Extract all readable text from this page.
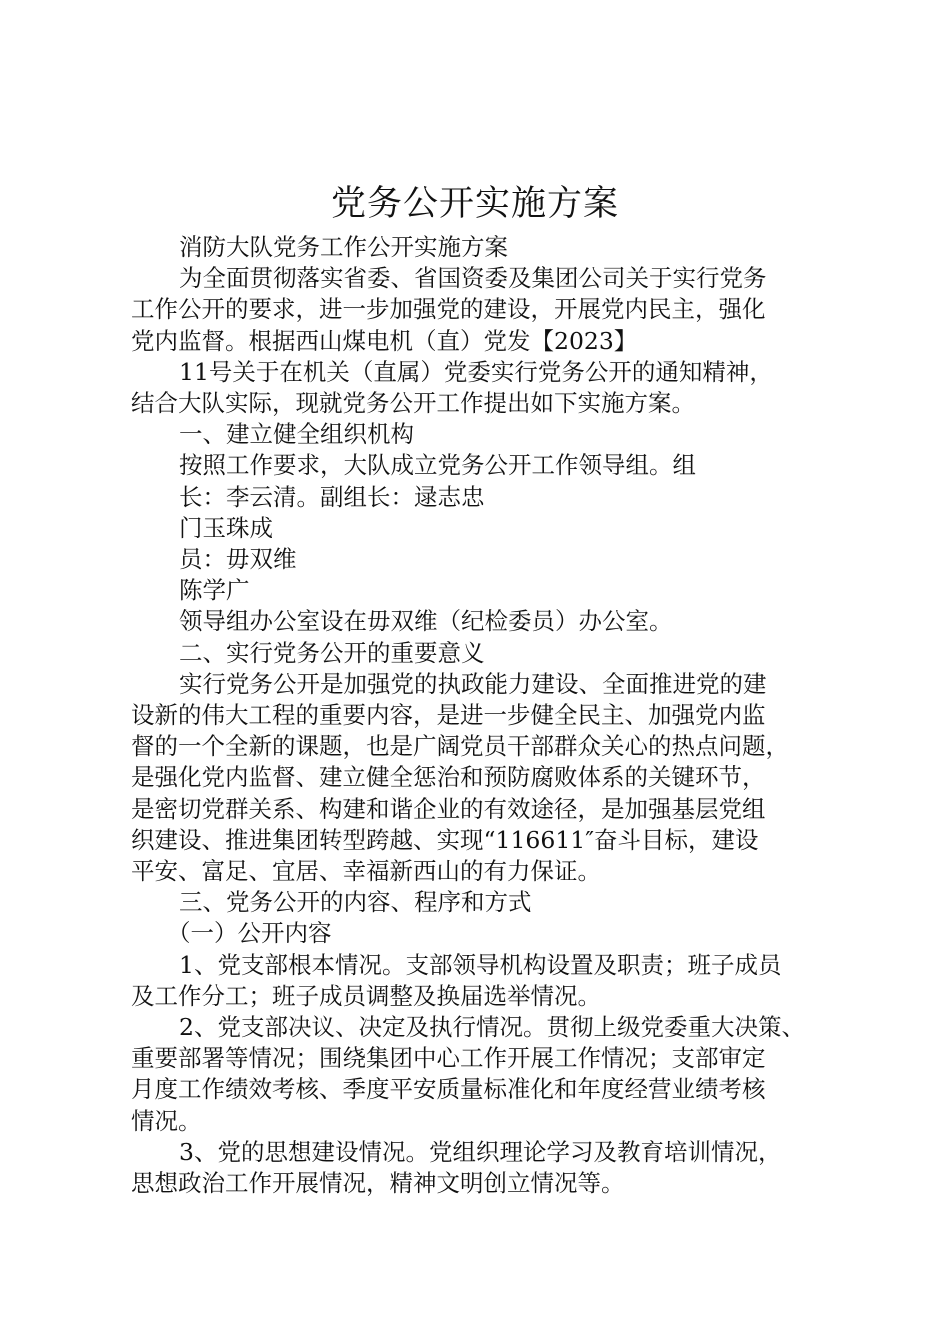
党务公开实施方案

消防大队党务工作公开实施方案

为全面贯彻落实省委、省国资委及集团公司关于实行党务

工作公开的要求，进一步加强党的建设，开展党内民主，强化

党内监督。根据西山煤电机（直）党发【2023】

11号关于在机关（直属）党委实行党务公开的通知精神，

结合大队实际，现就党务公开工作提出如下实施方案。

一、建立健全组织机构

按照工作要求，大队成立党务公开工作领导组。组

长：李云清。副组长：逯志忠

门玉珠成

员：毋双维

陈学广

领导组办公室设在毋双维（纪检委员）办公室。

二、实行党务公开的重要意义

实行党务公开是加强党的执政能力建设、全面推进党的建

设新的伟大工程的重要内容，是进一步健全民主、加强党内监

督的一个全新的课题，也是广阔党员干部群众关心的热点问题，

是强化党内监督、建立健全惩治和预防腐败体系的关键环节，

是密切党群关系、构建和谐企业的有效途径，是加强基层党组

织建设、推进集团转型跨越、实现“116611″奋斗目标，建设

平安、富足、宜居、幸福新西山的有力保证。

三、党务公开的内容、程序和方式

（一）公开内容

1、党支部根本情况。支部领导机构设置及职责；班子成员

及工作分工；班子成员调整及换届选举情况。

2、党支部决议、决定及执行情况。贯彻上级党委重大决策、

重要部署等情况；围绕集团中心工作开展工作情况；支部审定

月度工作绩效考核、季度平安质量标准化和年度经营业绩考核

情况。

3、党的思想建设情况。党组织理论学习及教育培训情况，

思想政治工作开展情况，精神文明创立情况等。
